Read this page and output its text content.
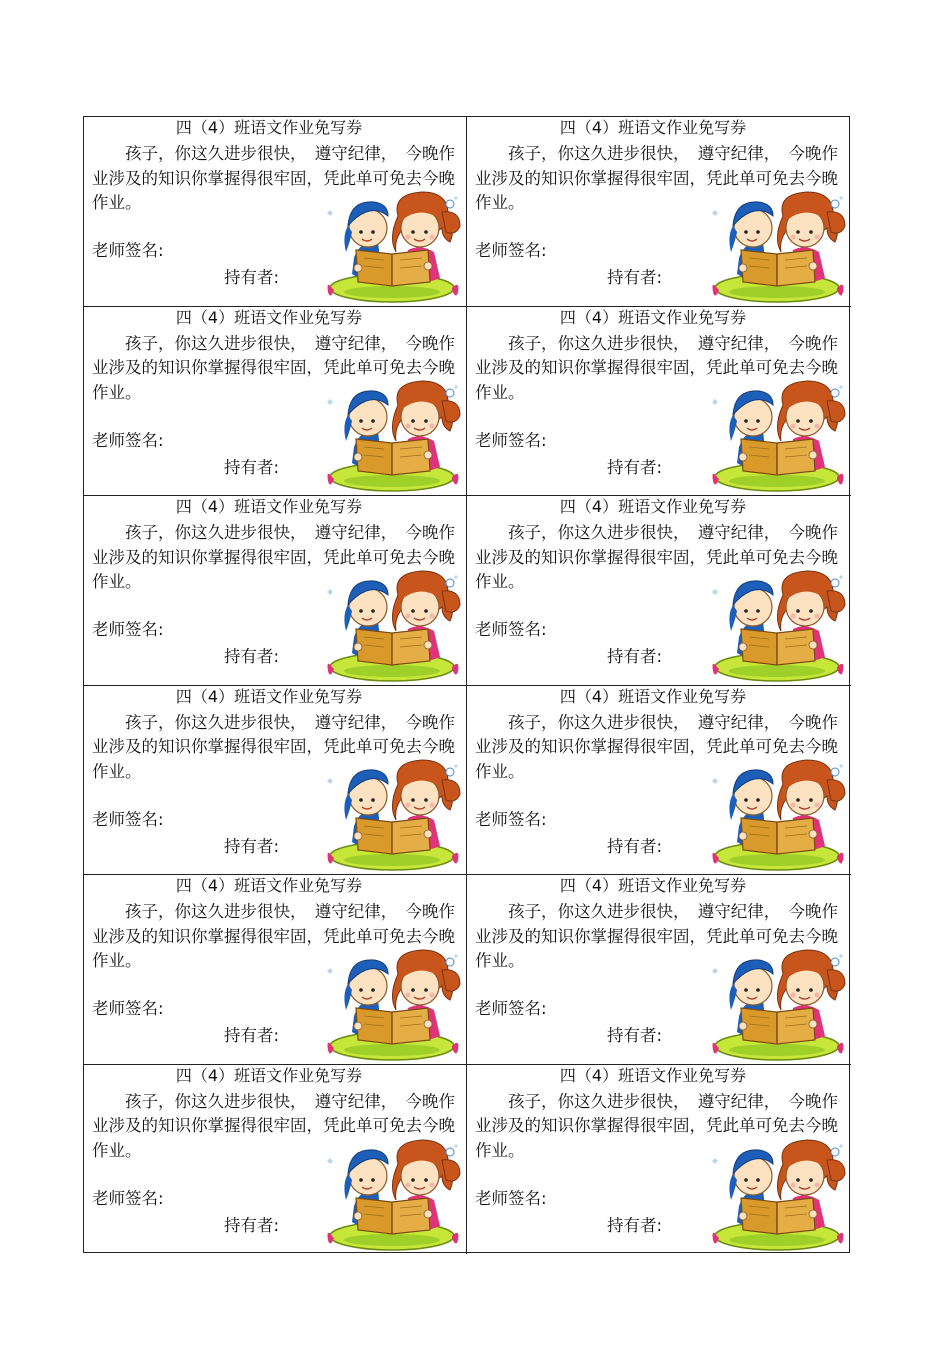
四（4）班语文作业免写券
　　孩子，你这久进步很快，　遵守纪律，　今晚作业涉及的知识你掌握得很牢固，凭此单可免去今晚作业。
老师签名:
持有者:
四（4）班语文作业免写券
　　孩子，你这久进步很快，　遵守纪律，　今晚作业涉及的知识你掌握得很牢固，凭此单可免去今晚作业。
老师签名:
持有者:
四（4）班语文作业免写券
　　孩子，你这久进步很快，　遵守纪律，　今晚作业涉及的知识你掌握得很牢固，凭此单可免去今晚作业。
老师签名:
持有者:
四（4）班语文作业免写券
　　孩子，你这久进步很快，　遵守纪律，　今晚作业涉及的知识你掌握得很牢固，凭此单可免去今晚作业。
老师签名:
持有者:
四（4）班语文作业免写券
　　孩子，你这久进步很快，　遵守纪律，　今晚作业涉及的知识你掌握得很牢固，凭此单可免去今晚作业。
老师签名:
持有者:
四（4）班语文作业免写券
　　孩子，你这久进步很快，　遵守纪律，　今晚作业涉及的知识你掌握得很牢固，凭此单可免去今晚作业。
老师签名:
持有者:
四（4）班语文作业免写券
　　孩子，你这久进步很快，　遵守纪律，　今晚作业涉及的知识你掌握得很牢固，凭此单可免去今晚作业。
老师签名:
持有者:
四（4）班语文作业免写券
　　孩子，你这久进步很快，　遵守纪律，　今晚作业涉及的知识你掌握得很牢固，凭此单可免去今晚作业。
老师签名:
持有者:
四（4）班语文作业免写券
　　孩子，你这久进步很快，　遵守纪律，　今晚作业涉及的知识你掌握得很牢固，凭此单可免去今晚作业。
老师签名:
持有者:
四（4）班语文作业免写券
　　孩子，你这久进步很快，　遵守纪律，　今晚作业涉及的知识你掌握得很牢固，凭此单可免去今晚作业。
老师签名:
持有者:
四（4）班语文作业免写券
　　孩子，你这久进步很快，　遵守纪律，　今晚作业涉及的知识你掌握得很牢固，凭此单可免去今晚作业。
老师签名:
持有者:
四（4）班语文作业免写券
　　孩子，你这久进步很快，　遵守纪律，　今晚作业涉及的知识你掌握得很牢固，凭此单可免去今晚作业。
老师签名:
持有者:
